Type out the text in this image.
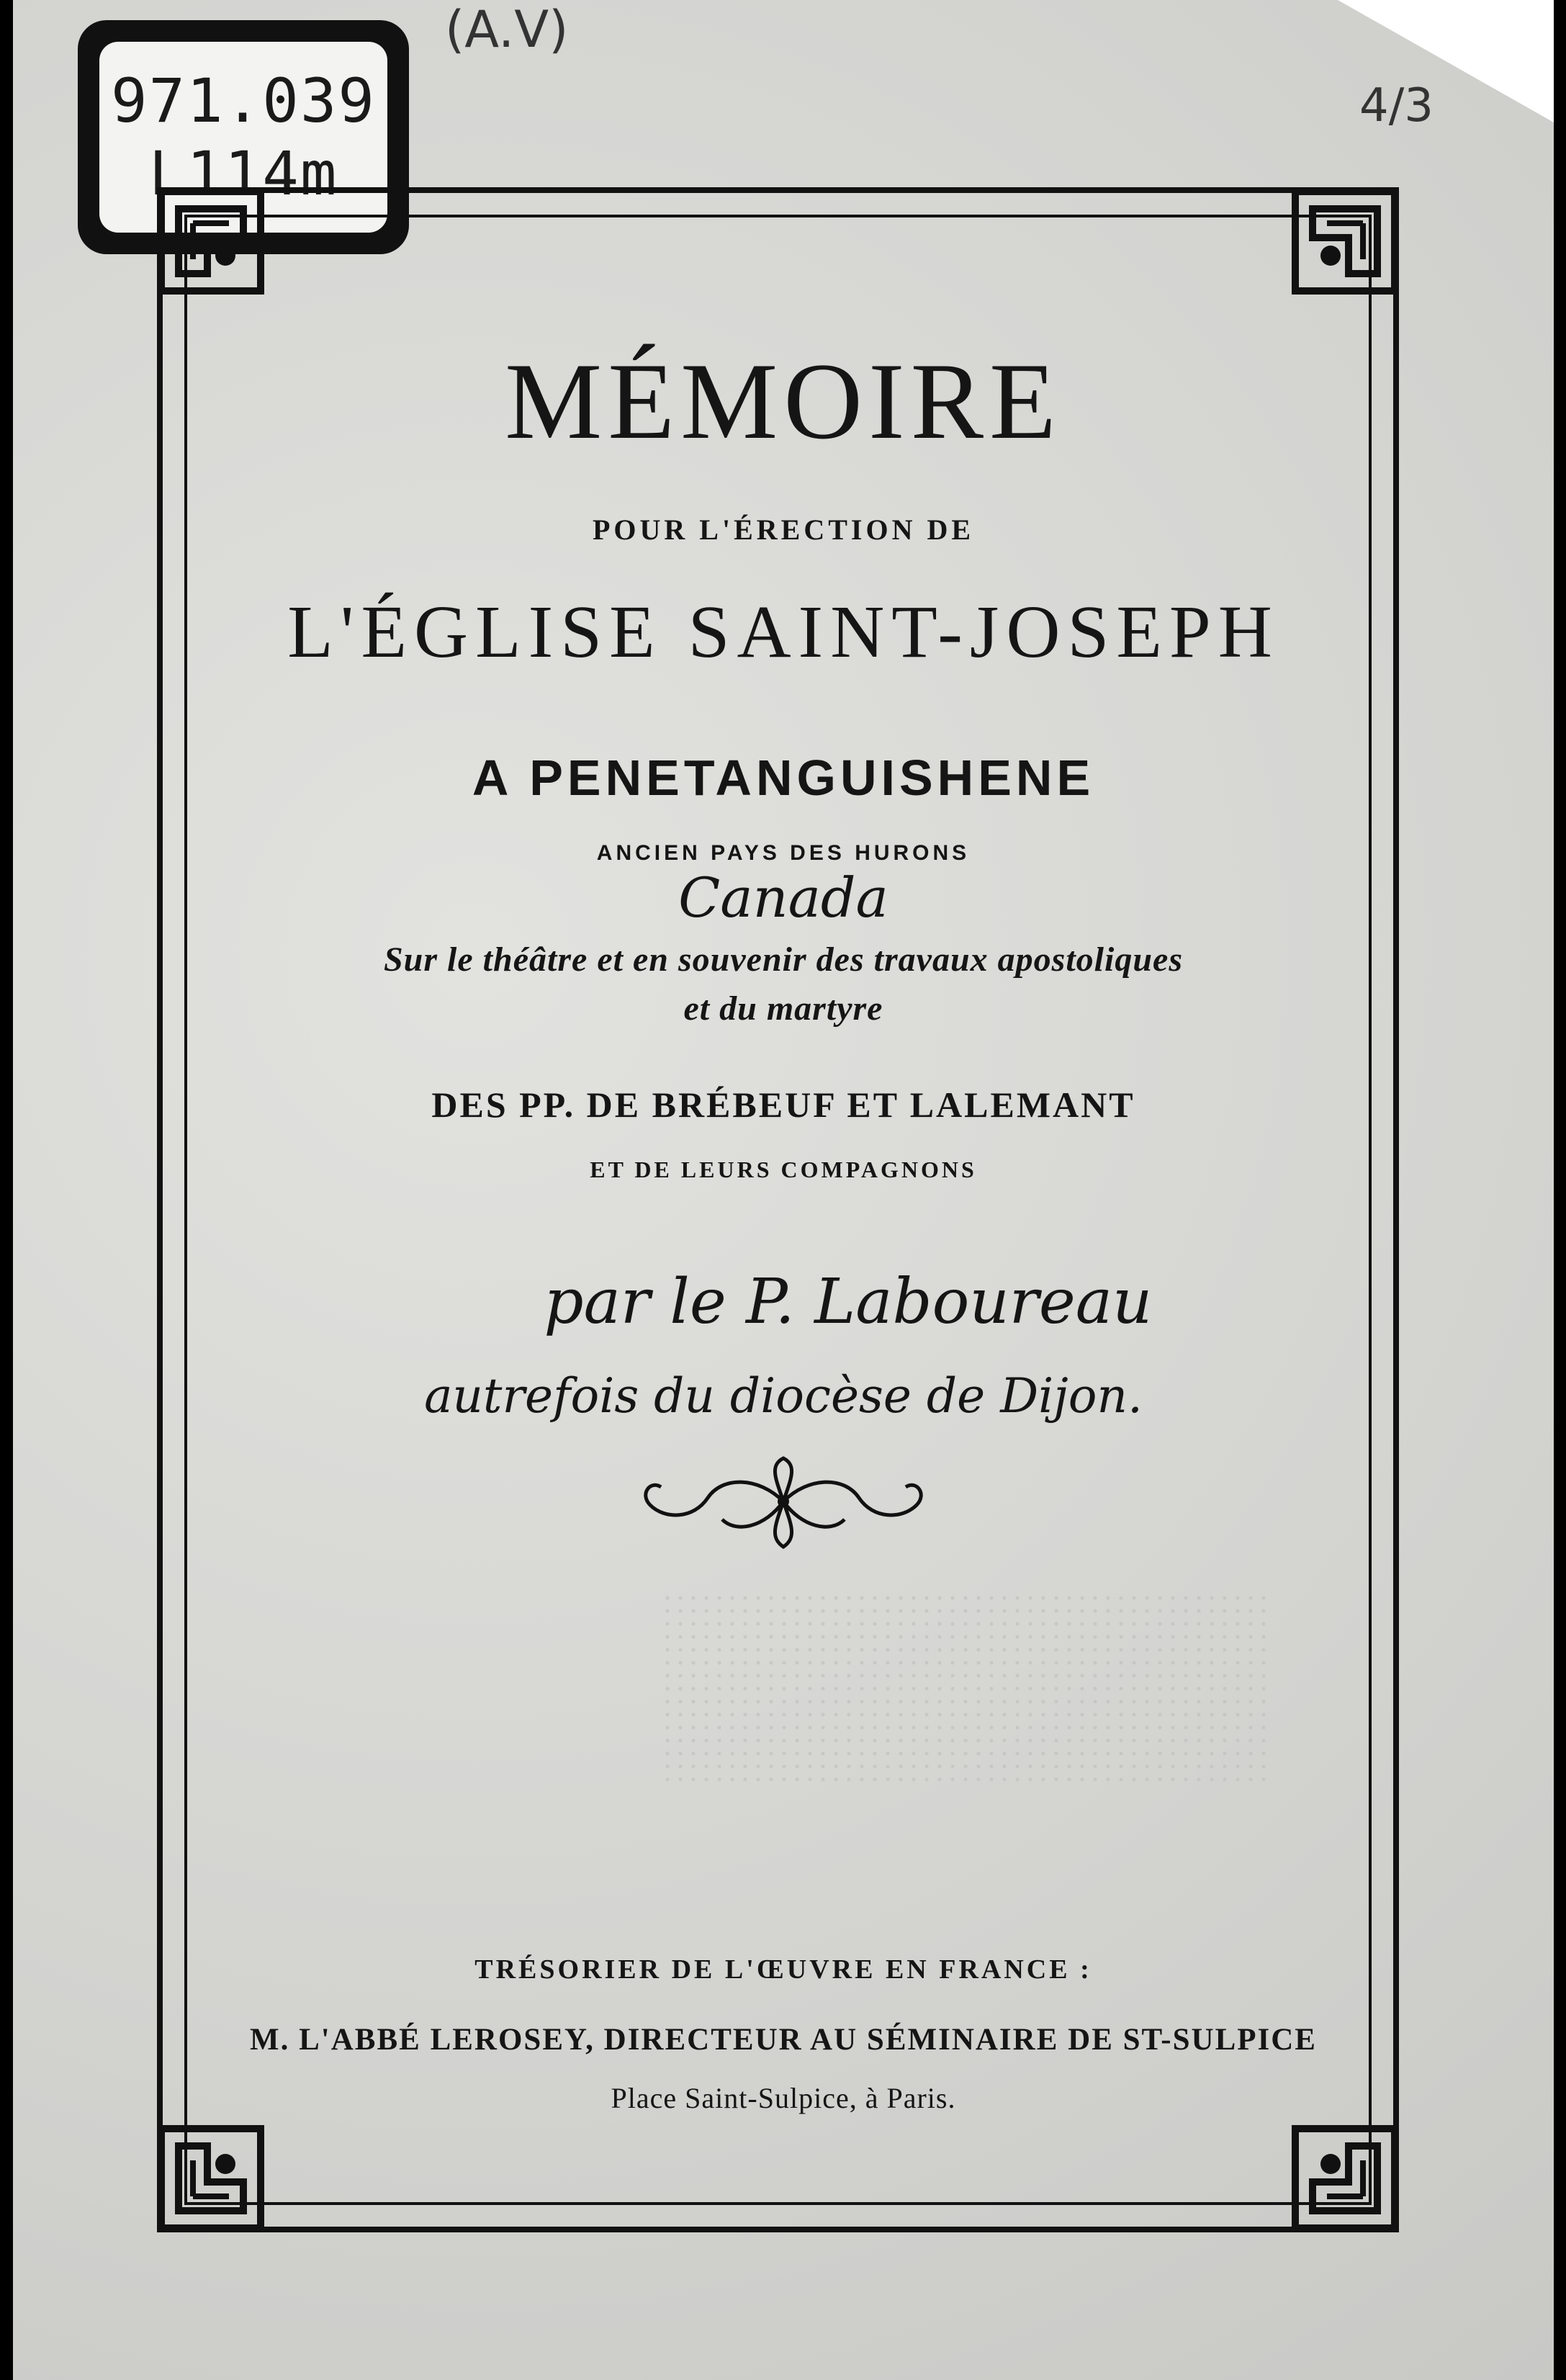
971.039
L114m
(A.V)
4/3
MÉMOIRE
POUR L'ÉRECTION DE
L'ÉGLISE SAINT-JOSEPH
A PENETANGUISHENE
ANCIEN PAYS DES HURONS
Canada
Sur le théâtre et en souvenir des travaux apostoliques
et du martyre
DES PP. DE BRÉBEUF ET LALEMANT
ET DE LEURS COMPAGNONS
par le P. Laboureau
autrefois du diocèse de Dijon.
TRÉSORIER DE L'ŒUVRE EN FRANCE :
M. L'ABBÉ LEROSEY, DIRECTEUR AU SÉMINAIRE DE ST-SULPICE
Place Saint-Sulpice, à Paris.
